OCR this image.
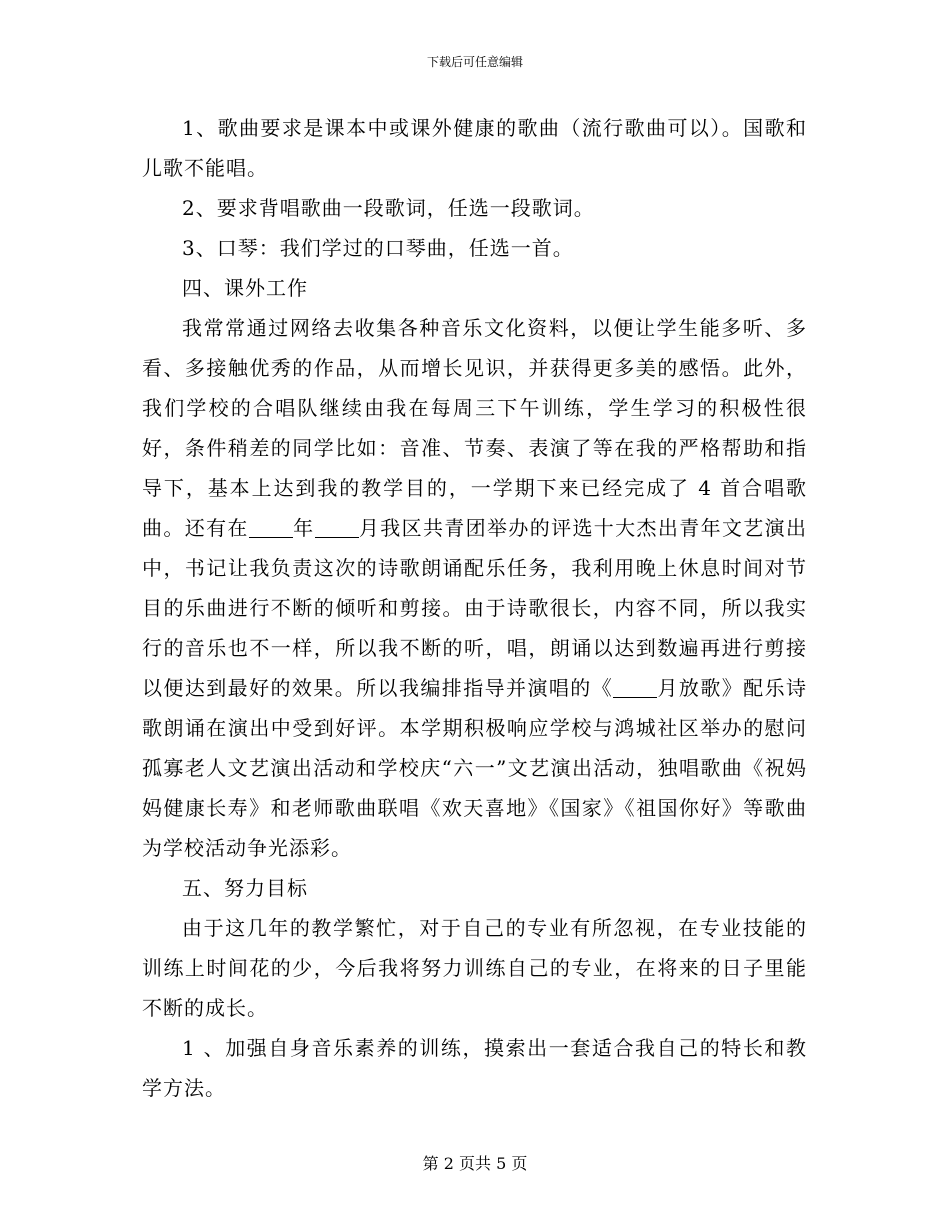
下载后可任意编辑

1、歌曲要求是课本中或课外健康的歌曲（流行歌曲可以）。国歌和儿歌不能唱。

2、要求背唱歌曲一段歌词，任选一段歌词。

3、口琴：我们学过的口琴曲，任选一首。

四、课外工作

我常常通过网络去收集各种音乐文化资料，以便让学生能多听、多看、多接触优秀的作品，从而增长见识，并获得更多美的感悟。此外，我们学校的合唱队继续由我在每周三下午训练，学生学习的积极性很好，条件稍差的同学比如：音准、节奏、表演了等在我的严格帮助和指导下，基本上达到我的教学目的，一学期下来已经完成了 4 首合唱歌曲。还有在 年 月我区共青团举办的评选十大杰出青年文艺演出中，书记让我负责这次的诗歌朗诵配乐任务，我利用晚上休息时间对节目的乐曲进行不断的倾听和剪接。由于诗歌很长，内容不同，所以我实行的音乐也不一样，所以我不断的听，唱，朗诵以达到数遍再进行剪接以便达到最好的效果。所以我编排指导并演唱的《 月放歌》配乐诗歌朗诵在演出中受到好评。本学期积极响应学校与鸿城社区举办的慰问孤寡老人文艺演出活动和学校庆“六一”文艺演出活动，独唱歌曲《祝妈妈健康长寿》和老师歌曲联唱《欢天喜地》《国家》《祖国你好》等歌曲为学校活动争光添彩。

五、努力目标

由于这几年的教学繁忙，对于自己的专业有所忽视，在专业技能的训练上时间花的少，今后我将努力训练自己的专业，在将来的日子里能不断的成长。

1 、加强自身音乐素养的训练，摸索出一套适合我自己的特长和教学方法。

第 2 页共 5 页
